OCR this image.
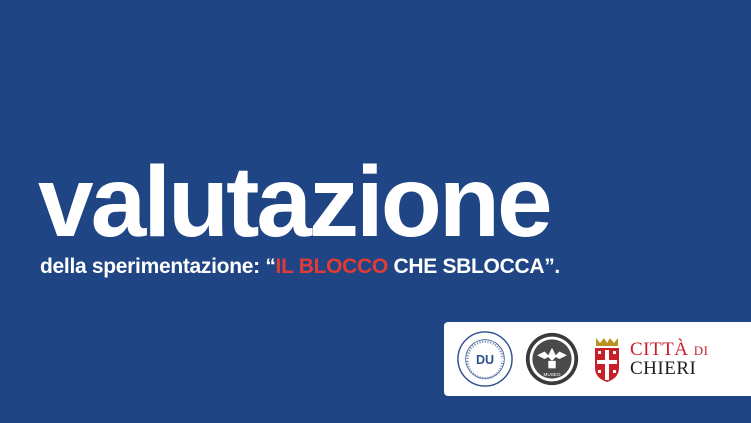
valutazione
della sperimentazione: “IL BLOCCO CHE SBLOCCA”.
DU
MUSEO
CITTÀ DI
CHIERI
